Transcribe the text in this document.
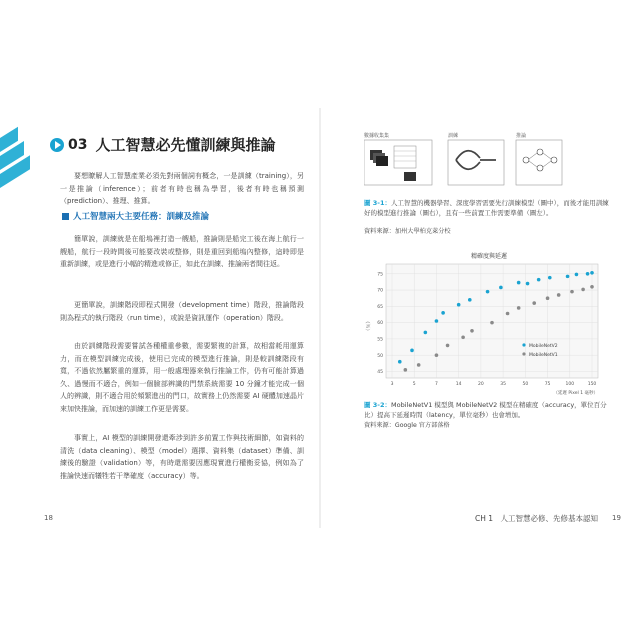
03 人工智慧必先懂訓練與推論
要想瞭解人工智慧產業必須先對兩個詞有概念，一是訓練（training），另一是推論（inference）；前者有時也稱為學習，後者有時也稱預測（prediction）、推理、推算。
人工智慧兩大主要任務：訓練及推論
簡單說，訓練就是在船塢裡打造一艘船，推論則是船完工後在海上航行一艘船，航行一段時間後可能要改裝或整修，則是重回到船塢內整修，這時即是重新訓練，或是進行小幅的精進或修正，如此在訓練、推論兩者間往返。
更簡單說，訓練階段即程式開發（development time）階段，推論階段則為程式的執行階段（run time），或說是資訊運作（operation）階段。
由於訓練階段需要嘗試各種權重參數，需要繁複的計算，故相當耗用運算力，而在模型訓練完成後，使用已完成的模型進行推論，則是較訓練階段有寬，不過依然屬繁重的運算，用一般處理器來執行推論工作，仍有可能計算過久、過慢而不適合，例如一個臉部辨識的門禁系統需要 10 分鐘才能完成一個人的辨識，則不適合用於頻繁進出的門口，故實務上仍然需要 AI 硬體加速晶片來加快推論，而加速的訓練工作更是需要。
事實上，AI 模型的訓練開發還牽涉到許多前置工作與技術細節，如資料的清洗（data cleaning）、模型（model）選擇、資料集（dataset）準備、訓練後的驗證（validation）等，有時還需要因應現實進行權衡妥協，例如為了推論快速而犧牲若干準確度（accuracy）等。
18
數據收集集	訓練	推論
圖 3-1：人工智慧的機器學習、深度學習需要先行訓練模型（圖中），而後才能用訓練好的模型進行推論（圖右），且有一些前置工作需要準備（圖左）。
資料來源：加州大學柏克萊分校
精確度與延遲
45
50
55
60
65
70
75
3	5	7	14	20	35	50	75	100	150
（％）
（延遲 Pixel 1 毫秒）
MobileNetV2
MobileNetV1
圖 3-2：MobileNetV1 模型與 MobileNetV2 模型在精確度（accuracy，單位百分比）提高下延遲時間（latency，單位毫秒）也會增加。
資料來源：Google 官方部落格
CH 1　人工智慧必修、先修基本認知 19
